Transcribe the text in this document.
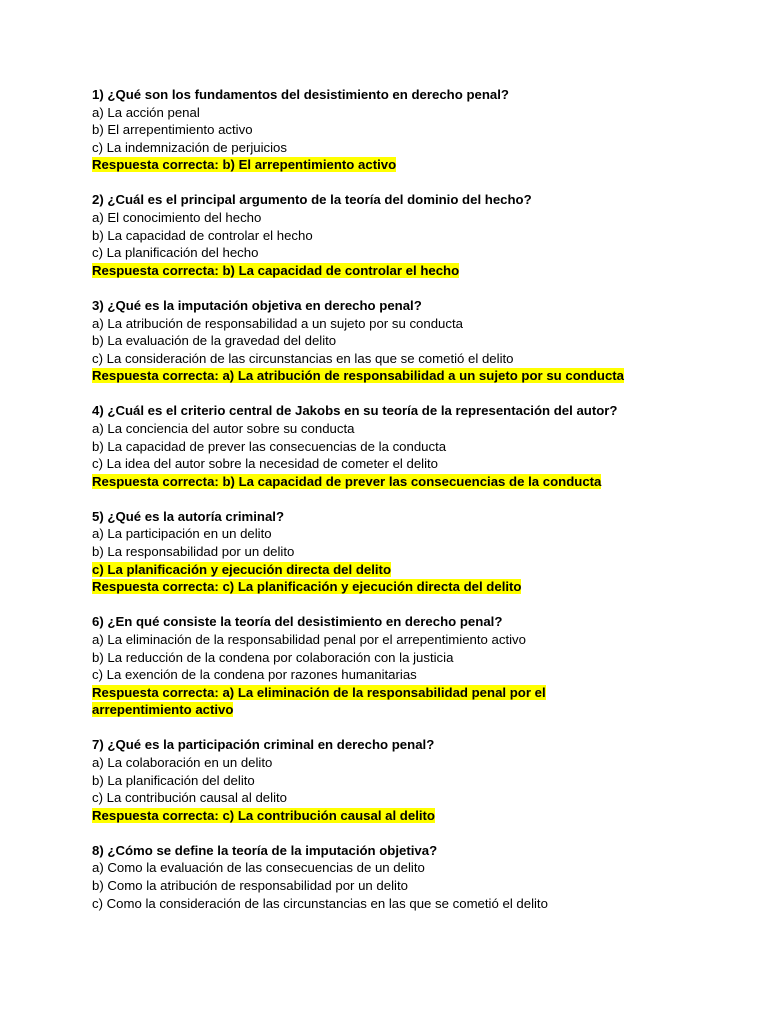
1) ¿Qué son los fundamentos del desistimiento en derecho penal?
a) La acción penal
b) El arrepentimiento activo
c) La indemnización de perjuicios
Respuesta correcta: b) El arrepentimiento activo
2) ¿Cuál es el principal argumento de la teoría del dominio del hecho?
a) El conocimiento del hecho
b) La capacidad de controlar el hecho
c) La planificación del hecho
Respuesta correcta: b) La capacidad de controlar el hecho
3) ¿Qué es la imputación objetiva en derecho penal?
a) La atribución de responsabilidad a un sujeto por su conducta
b) La evaluación de la gravedad del delito
c) La consideración de las circunstancias en las que se cometió el delito
Respuesta correcta: a) La atribución de responsabilidad a un sujeto por su conducta
4) ¿Cuál es el criterio central de Jakobs en su teoría de la representación del autor?
a) La conciencia del autor sobre su conducta
b) La capacidad de prever las consecuencias de la conducta
c) La idea del autor sobre la necesidad de cometer el delito
Respuesta correcta: b) La capacidad de prever las consecuencias de la conducta
5) ¿Qué es la autoría criminal?
a) La participación en un delito
b) La responsabilidad por un delito
c) La planificación y ejecución directa del delito
Respuesta correcta: c) La planificación y ejecución directa del delito
6) ¿En qué consiste la teoría del desistimiento en derecho penal?
a) La eliminación de la responsabilidad penal por el arrepentimiento activo
b) La reducción de la condena por colaboración con la justicia
c) La exención de la condena por razones humanitarias
Respuesta correcta: a) La eliminación de la responsabilidad penal por el arrepentimiento activo
7) ¿Qué es la participación criminal en derecho penal?
a) La colaboración en un delito
b) La planificación del delito
c) La contribución causal al delito
Respuesta correcta: c) La contribución causal al delito
8) ¿Cómo se define la teoría de la imputación objetiva?
a) Como la evaluación de las consecuencias de un delito
b) Como la atribución de responsabilidad por un delito
c) Como la consideración de las circunstancias en las que se cometió el delito
